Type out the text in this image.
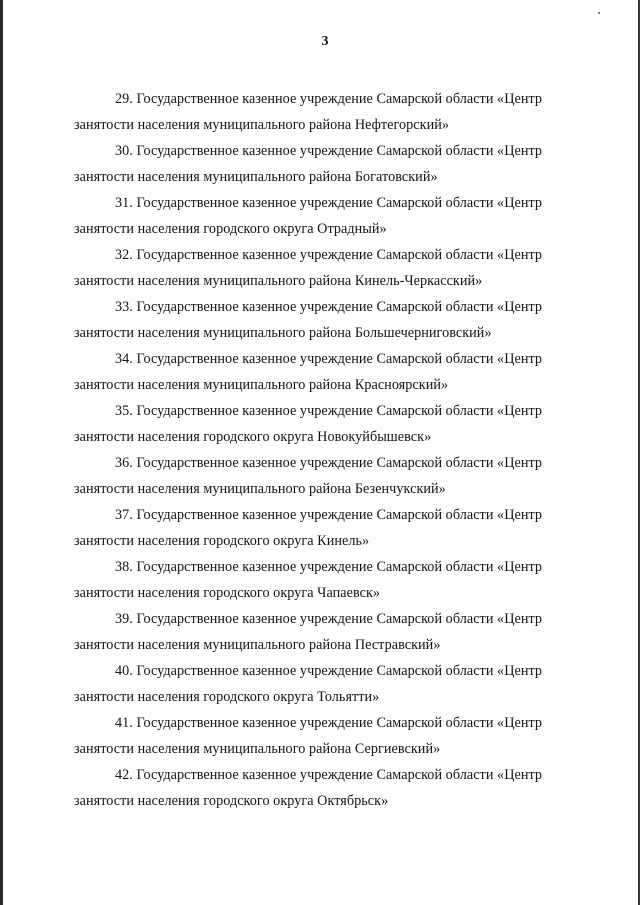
3
29. Государственное казенное учреждение Самарской области «Центр
занятости населения муниципального района Нефтегорский»
30. Государственное казенное учреждение Самарской области «Центр
занятости населения муниципального района Богатовский»
31. Государственное казенное учреждение Самарской области «Центр
занятости населения городского округа Отрадный»
32. Государственное казенное учреждение Самарской области «Центр
занятости населения муниципального района Кинель-Черкасский»
33. Государственное казенное учреждение Самарской области «Центр
занятости населения муниципального района Большечерниговский»
34. Государственное казенное учреждение Самарской области «Центр
занятости населения муниципального района Красноярский»
35. Государственное казенное учреждение Самарской области «Центр
занятости населения городского округа Новокуйбышевск»
36. Государственное казенное учреждение Самарской области «Центр
занятости населения муниципального района Безенчукский»
37. Государственное казенное учреждение Самарской области «Центр
занятости населения городского округа Кинель»
38. Государственное казенное учреждение Самарской области «Центр
занятости населения городского округа Чапаевск»
39. Государственное казенное учреждение Самарской области «Центр
занятости населения муниципального района Пестравский»
40. Государственное казенное учреждение Самарской области «Центр
занятости населения городского округа Тольятти»
41. Государственное казенное учреждение Самарской области «Центр
занятости населения муниципального района Сергиевский»
42. Государственное казенное учреждение Самарской области «Центр
занятости населения городского округа Октябрьск»
